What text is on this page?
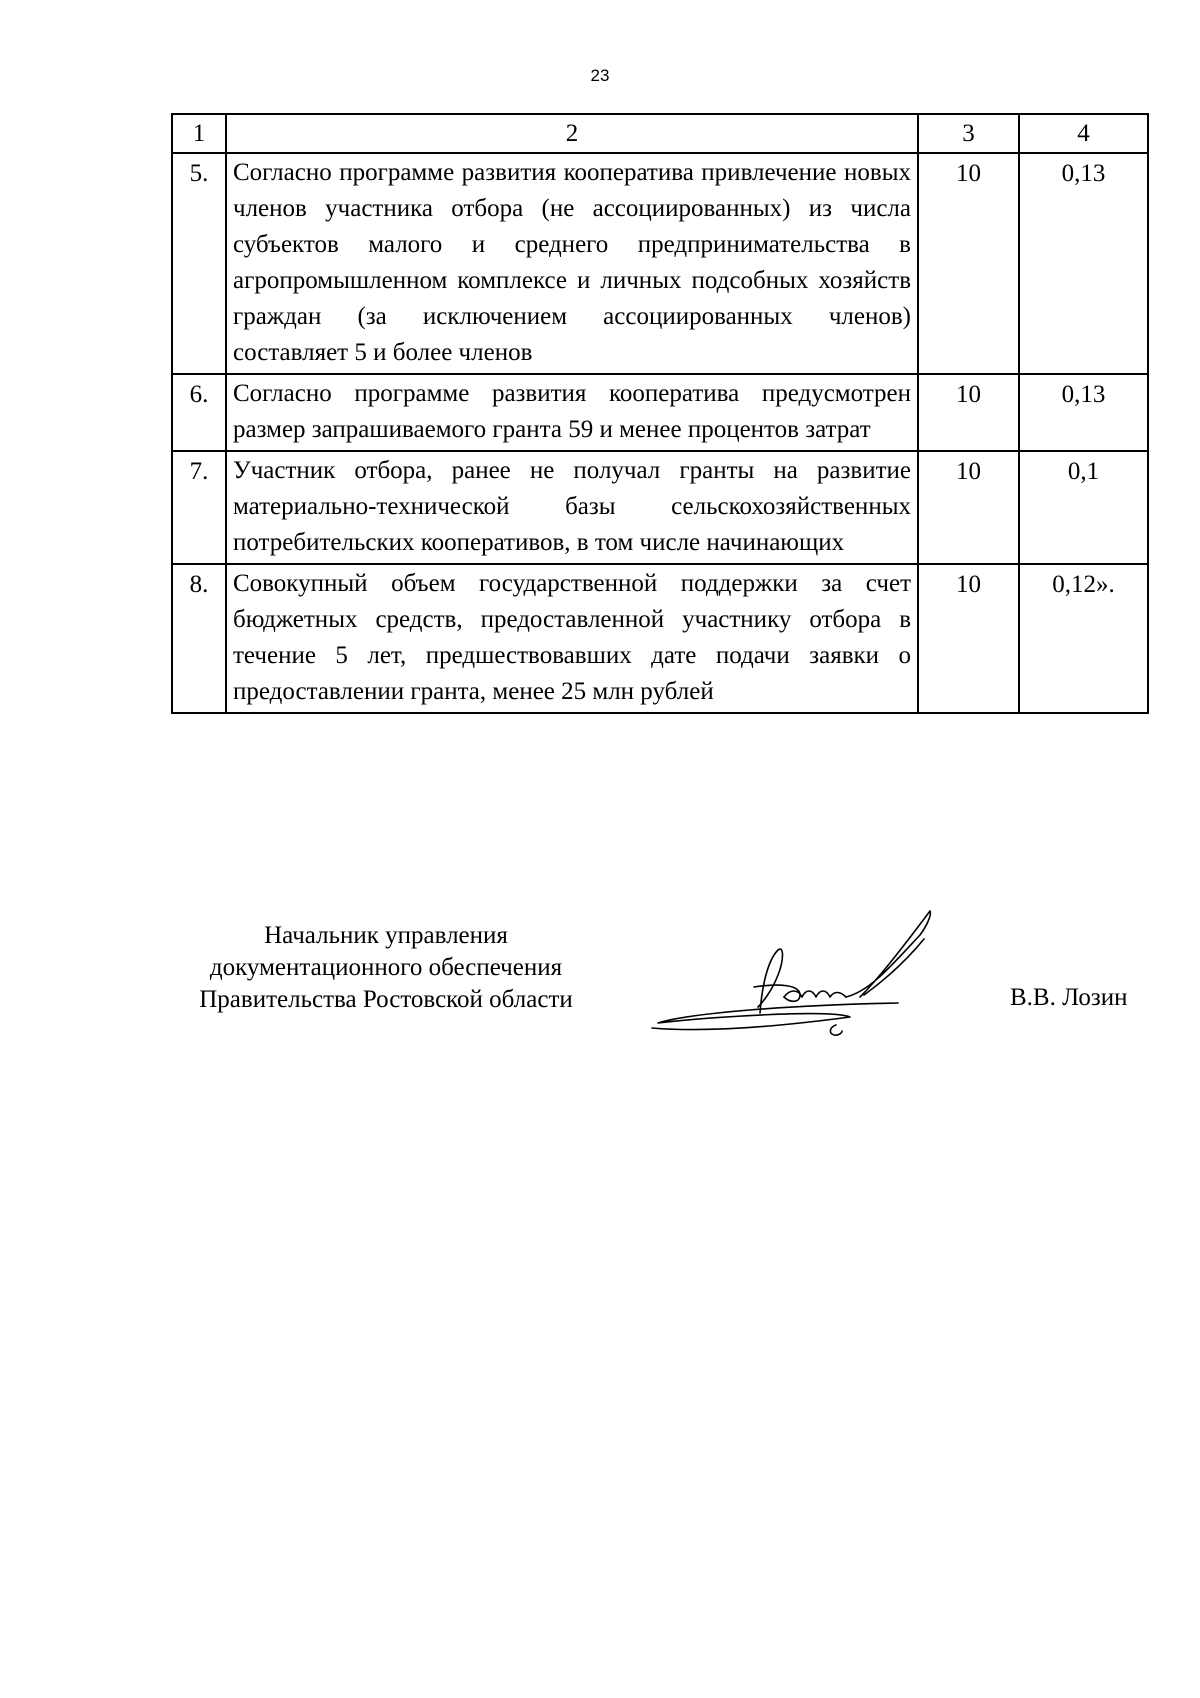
23
1	2	3	4
5.	Согласно программе развития кооператива привлечение новых членов участника отбора (не ассоциированных) из числа субъектов малого и среднего предпринимательства в агропромышленном комплексе и личных подсобных хозяйств граждан (за исключением ассоциированных членов) составляет 5 и более членов	10	0,13
6.	Согласно программе развития кооператива предусмотрен размер запрашиваемого гранта 59 и менее процентов затрат	10	0,13
7.	Участник отбора, ранее не получал гранты на развитие материально-технической базы сельскохозяйственных потребительских кооперативов, в том числе начинающих	10	0,1
8.	Совокупный объем государственной поддержки за счет бюджетных средств, предоставленной участнику отбора в течение 5 лет, предшествовавших дате подачи заявки о предоставлении гранта, менее 25 млн рублей	10	0,12».
Начальник управления
документационного обеспечения
Правительства Ростовской области	В.В. Лозин
